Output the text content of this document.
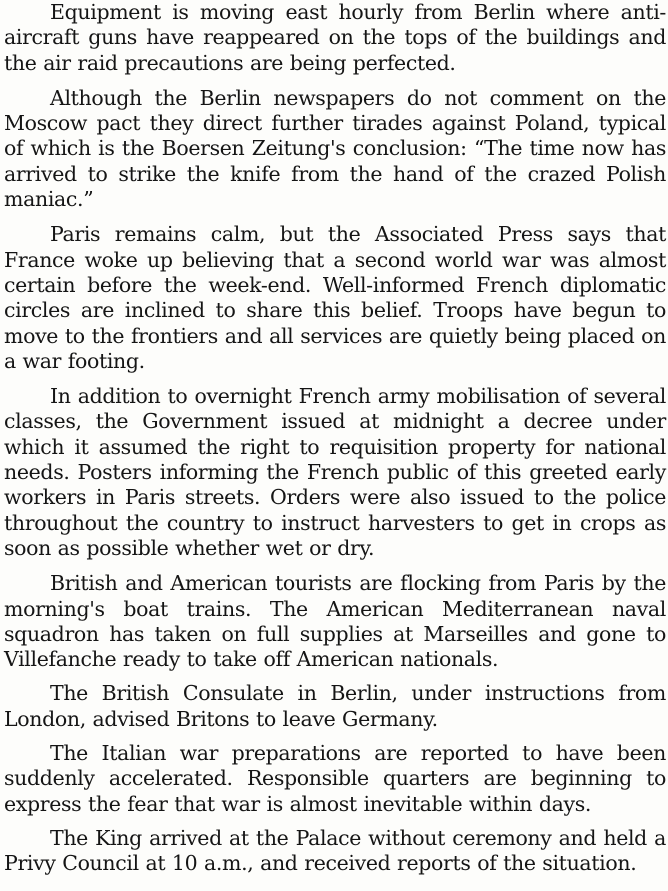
Equipment is moving east hourly from Berlin where anti-aircraft guns have reappeared on the tops of the buildings and the air raid precautions are being perfected.

Although the Berlin newspapers do not comment on the Moscow pact they direct further tirades against Poland, typical of which is the Boersen Zeitung's conclusion: “The time now has arrived to strike the knife from the hand of the crazed Polish maniac.”

Paris remains calm, but the Associated Press says that France woke up believing that a second world war was almost certain before the week-end. Well-informed French diplomatic circles are inclined to share this belief. Troops have begun to move to the frontiers and all services are quietly being placed on a war footing.

In addition to overnight French army mobilisation of several classes, the Government issued at midnight a decree under which it assumed the right to requisition property for national needs. Posters informing the French public of this greeted early workers in Paris streets. Orders were also issued to the police throughout the country to instruct harvesters to get in crops as soon as possible whether wet or dry.

British and American tourists are flocking from Paris by the morning's boat trains. The American Mediterranean naval squadron has taken on full supplies at Marseilles and gone to Villefanche ready to take off American nationals.

The British Consulate in Berlin, under instructions from London, advised Britons to leave Germany.

The Italian war preparations are reported to have been suddenly accelerated. Responsible quarters are beginning to express the fear that war is almost inevitable within days.

The King arrived at the Palace without ceremony and held a Privy Council at 10 a.m., and received reports of the situation.
